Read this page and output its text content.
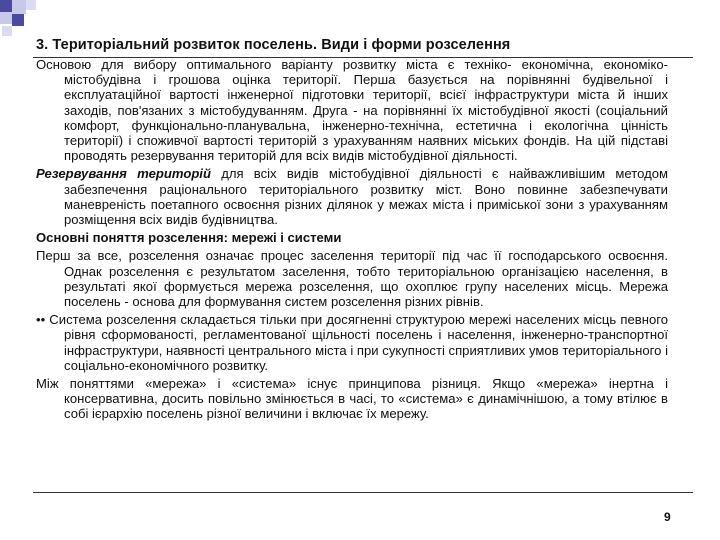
3. Територіальний розвиток поселень. Види і форми розселення

Основою для вибору оптимального варіанту розвитку міста є техніко- економічна, економіко-містобудівна і грошова оцінка території. Перша базується на порівнянні будівельної і експлуатаційної вартості інженерної підготовки території, всієї інфраструктури міста й інших заходів, пов'язаних з містобудуванням. Друга - на порівнянні їх містобудівної якості (соціальний комфорт, функціонально-планувальна, інженерно-технічна, естетична і екологічна цінність території) і споживчої вартості територій з урахуванням наявних міських фондів. На цій підставі проводять резервування територій для всіх видів містобудівної діяльності.

Резервування територій для всіх видів містобудівної діяльності є найважливішим методом забезпечення раціонального територіального розвитку міст. Воно повинне забезпечувати маневреність поетапного освоєння різних ділянок у межах міста і приміської зони з урахуванням розміщення всіх видів будівництва.

Основні поняття розселення: мережі і системи

Перш за все, розселення означає процес заселення території під час її господарського освоєння. Однак розселення є результатом заселення, тобто територіальною організацією населення, в результаті якої формується мережа розселення, що охоплює групу населених місць. Мережа поселень - основа для формування систем розселення різних рівнів.

•• Система розселення складається тільки при досягненні структурою мережі населених місць певного рівня сформованості, регламентованої щільності поселень і населення, інженерно-транспортної інфраструктури, наявності центрального міста і при сукупності сприятливих умов територіального і соціально-економічного розвитку.

Між поняттями «мережа» і «система» існує принципова різниця. Якщо «мережа» інертна і консервативна, досить повільно змінюється в часі, то «система» є динамічнішою, а тому втілює в собі ієрархію поселень різної величини і включає їх мережу.

9
